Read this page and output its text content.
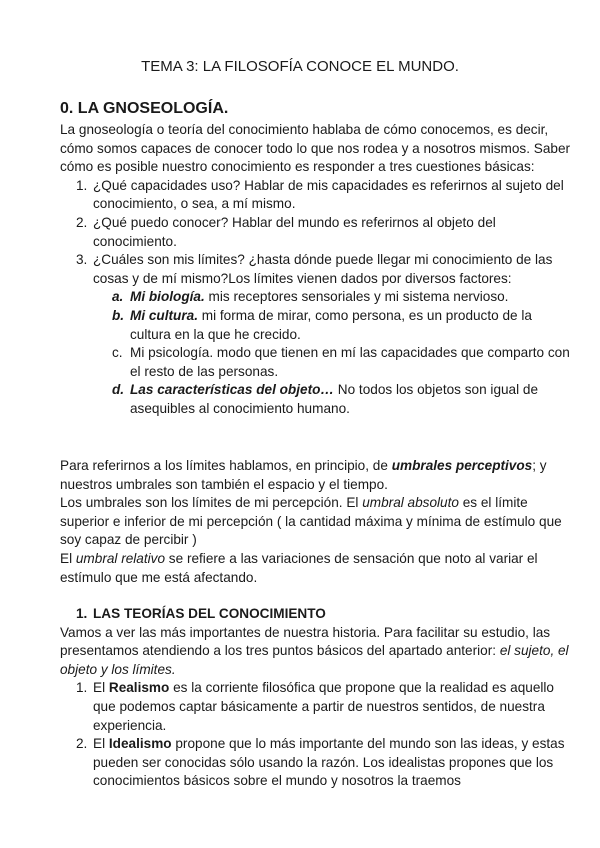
TEMA 3: LA FILOSOFÍA CONOCE EL MUNDO.
0. LA GNOSEOLOGÍA.

La gnoseología o teoría del conocimiento hablaba de cómo conocemos, es decir, cómo somos capaces de conocer todo lo que nos rodea y a nosotros mismos. Saber cómo es posible nuestro conocimiento es responder a tres cuestiones básicas:

1. ¿Qué capacidades uso? Hablar de mis capacidades es referirnos al sujeto del conocimiento, o sea, a mí mismo.
2. ¿Qué puedo conocer? Hablar del mundo es referirnos al objeto del conocimiento.
3. ¿Cuáles son mis límites? ¿hasta dónde puede llegar mi conocimiento de las cosas y de mí mismo?Los límites vienen dados por diversos factores:
a. Mi biología. mis receptores sensoriales y mi sistema nervioso.
b. Mi cultura. mi forma de mirar, como persona, es un producto de la cultura en la que he crecido.
c. Mi psicología. modo que tienen en mí las capacidades que comparto con el resto de las personas.
d. Las características del objeto… No todos los objetos son igual de asequibles al conocimiento humano.

Para referirnos a los límites hablamos, en principio, de umbrales perceptivos; y nuestros umbrales son también el espacio y el tiempo.

Los umbrales son los límites de mi percepción. El umbral absoluto es el límite superior e inferior de mi percepción ( la cantidad máxima y mínima de estímulo que soy capaz de percibir )

El umbral relativo se refiere a las variaciones de sensación que noto al variar el estímulo que me está afectando.

1. LAS TEORÍAS DEL CONOCIMIENTO

Vamos a ver las más importantes de nuestra historia. Para facilitar su estudio, las presentamos atendiendo a los tres puntos básicos del apartado anterior: el sujeto, el objeto y los límites.

1. El Realismo es la corriente filosófica que propone que la realidad es aquello que podemos captar básicamente a partir de nuestros sentidos, de nuestra experiencia.
2. El Idealismo propone que lo más importante del mundo son las ideas, y estas pueden ser conocidas sólo usando la razón. Los idealistas propones que los conocimientos básicos sobre el mundo y nosotros la traemos
